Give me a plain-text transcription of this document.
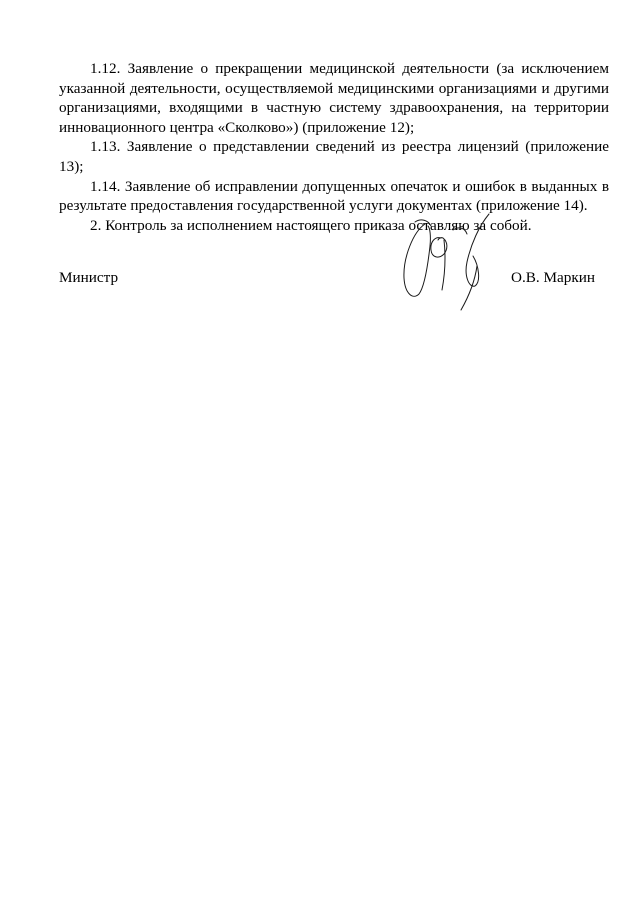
1.12. Заявление о прекращении медицинской деятельности (за исключением указанной деятельности, осуществляемой медицинскими организациями и другими организациями, входящими в частную систему здравоохранения, на территории инновационного центра «Сколково») (приложение 12);

1.13. Заявление о представлении сведений из реестра лицензий (приложение 13);

1.14. Заявление об исправлении допущенных опечаток и ошибок в выданных в результате предоставления государственной услуги документах (приложение 14).

2. Контроль за исполнением настоящего приказа оставляю за собой.

Министр	О.В. Маркин
